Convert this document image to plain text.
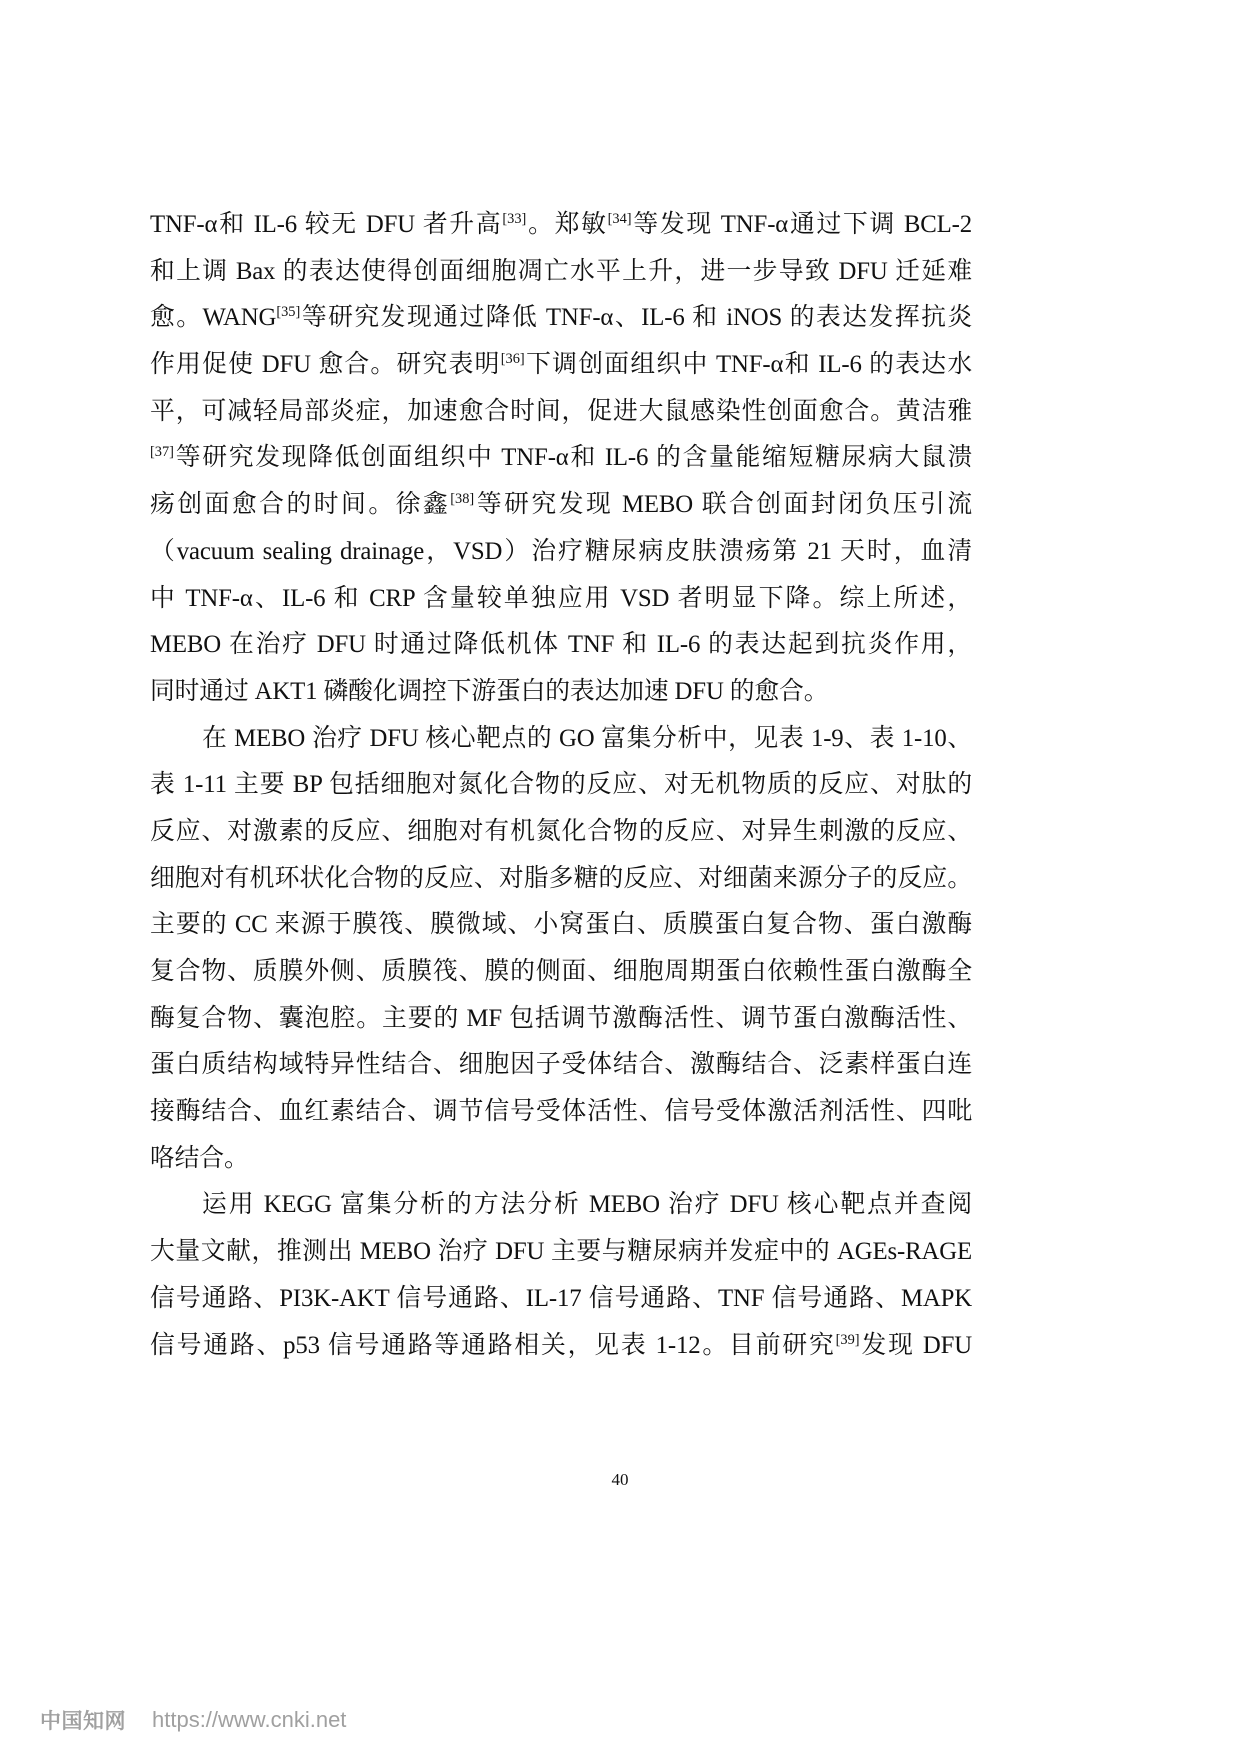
TNF-α和 IL-6 较无 DFU 者升高[33]。郑敏[34]等发现 TNF-α通过下调 BCL-2
和上调 Bax 的表达使得创面细胞凋亡水平上升，进一步导致 DFU 迁延难
愈。WANG[35]等研究发现通过降低 TNF-α、IL-6 和 iNOS 的表达发挥抗炎
作用促使 DFU 愈合。研究表明[36]下调创面组织中 TNF-α和 IL-6 的表达水
平，可减轻局部炎症，加速愈合时间，促进大鼠感染性创面愈合。黄洁雅
[37]等研究发现降低创面组织中 TNF-α和 IL-6 的含量能缩短糖尿病大鼠溃
疡创面愈合的时间。徐鑫[38]等研究发现 MEBO 联合创面封闭负压引流
（vacuum sealing drainage，VSD）治疗糖尿病皮肤溃疡第 21 天时，血清
中 TNF-α、IL-6 和 CRP 含量较单独应用 VSD 者明显下降。综上所述，
MEBO 在治疗 DFU 时通过降低机体 TNF 和 IL-6 的表达起到抗炎作用，
同时通过 AKT1 磷酸化调控下游蛋白的表达加速 DFU 的愈合。
在 MEBO 治疗 DFU 核心靶点的 GO 富集分析中，见表 1-9、表 1-10、
表 1-11 主要 BP 包括细胞对氮化合物的反应、对无机物质的反应、对肽的
反应、对激素的反应、细胞对有机氮化合物的反应、对异生刺激的反应、
细胞对有机环状化合物的反应、对脂多糖的反应、对细菌来源分子的反应。
主要的 CC 来源于膜筏、膜微域、小窝蛋白、质膜蛋白复合物、蛋白激酶
复合物、质膜外侧、质膜筏、膜的侧面、细胞周期蛋白依赖性蛋白激酶全
酶复合物、囊泡腔。主要的 MF 包括调节激酶活性、调节蛋白激酶活性、
蛋白质结构域特异性结合、细胞因子受体结合、激酶结合、泛素样蛋白连
接酶结合、血红素结合、调节信号受体活性、信号受体激活剂活性、四吡
咯结合。
运用 KEGG 富集分析的方法分析 MEBO 治疗 DFU 核心靶点并查阅
大量文献，推测出 MEBO 治疗 DFU 主要与糖尿病并发症中的 AGEs-RAGE
信号通路、PI3K-AKT 信号通路、IL-17 信号通路、TNF 信号通路、MAPK
信号通路、p53 信号通路等通路相关，见表 1-12。目前研究[39]发现 DFU
40
中国知网 https://www.cnki.net
